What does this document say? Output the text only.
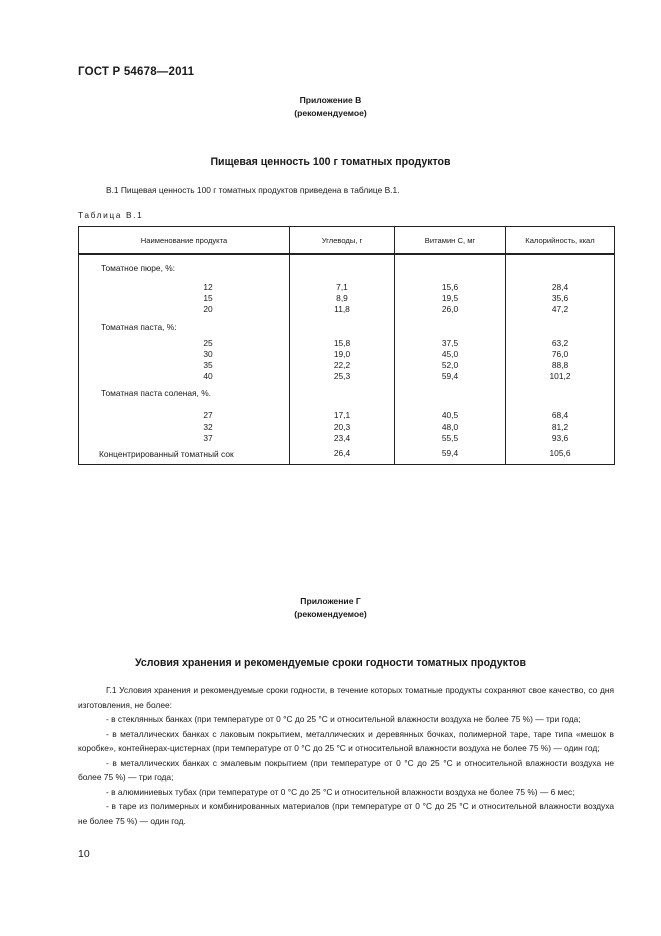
ГОСТ Р 54678—2011
Приложение В
(рекомендуемое)
Пищевая ценность 100 г томатных продуктов
В.1 Пищевая ценность 100 г томатных продуктов приведена в таблице В.1.
Таблица В.1
Наименование продукта	Углеводы, г	Витамин С, мг	Калорийность, ккал
Томатное пюре, %:			

12	7,1	15,6	28,4
15	8,9	19,5	35,6
20	11,8	26,0	47,2
Томатная паста, %:			
25	15,8	37,5	63,2
30	19,0	45,0	76,0
35	22,2	52,0	88,8
40	25,3	59,4	101,2
Томатная паста соленая, %.			

27	17,1	40,5	68,4
32	20,3	48,0	81,2
37	23,4	55,5	93,6
Концентрированный томатный сок	26,4	59,4	105,6
Приложение Г
(рекомендуемое)
Условия хранения и рекомендуемые сроки годности томатных продуктов
Г.1 Условия хранения и рекомендуемые сроки годности, в течение которых томатные продукты сохраняют свое качество, со дня изготовления, не более:
- в стеклянных банках (при температуре от 0 °С до 25 °С и относительной влажности воздуха не более 75 %) — три года;
- в металлических банках с лаковым покрытием, металлических и деревянных бочках, полимерной таре, таре типа «мешок в коробке», контейнерах-цистернах (при температуре от 0 °С до 25 °С и относительной влажности воздуха не более 75 %) — один год;
- в металлических банках с эмалевым покрытием (при температуре от 0 °С до 25 °С и относительной влажности воздуха не более 75 %) — три года;
- в алюминиевых тубах (при температуре от 0 °С до 25 °С и относительной влажности воздуха не более 75 %) — 6 мес;
- в таре из полимерных и комбинированных материалов (при температуре от 0 °С до 25 °С и относительной влажности воздуха не более 75 %) — один год.
10
